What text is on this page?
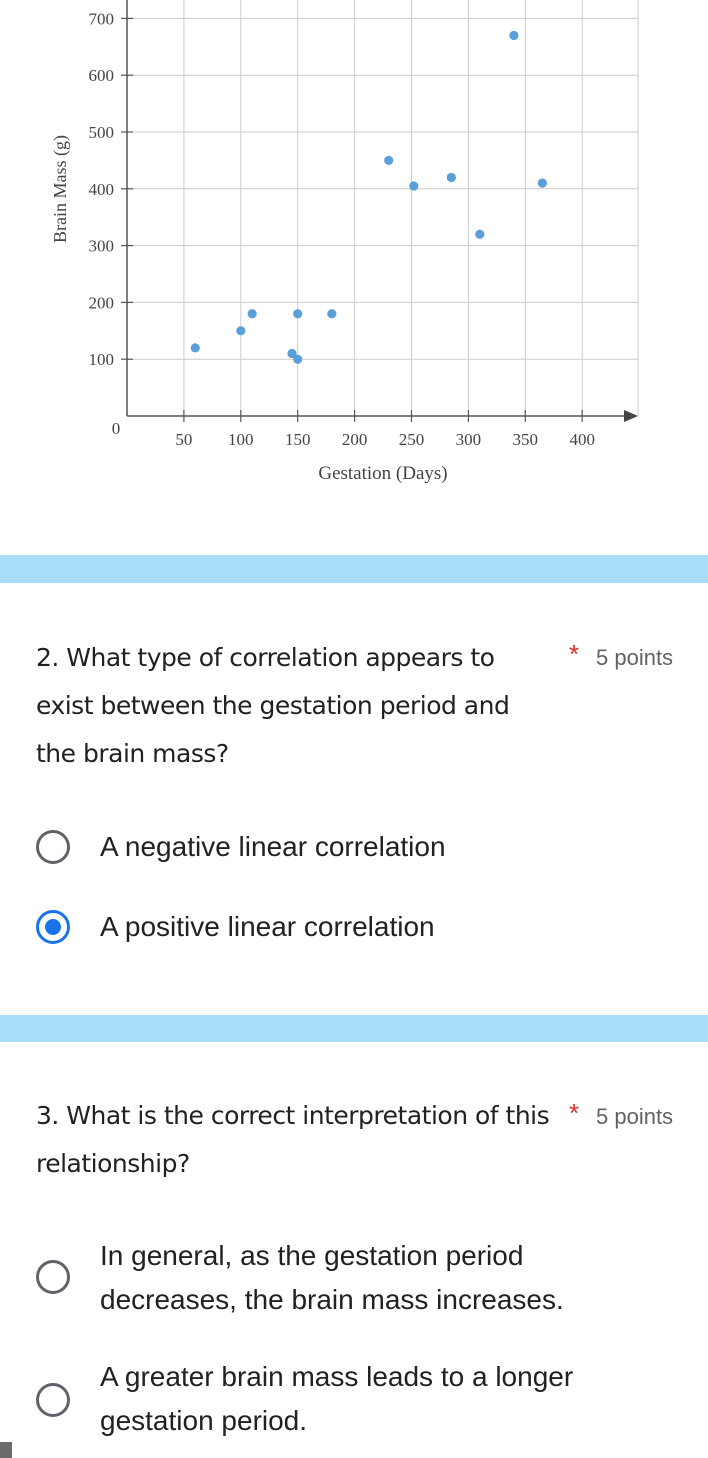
100
200
300
400
500
600
700
50 100 150 200 250 300 350 400
0
Gestation (Days)
Brain Mass (g)
2. What type of correlation appears to exist between the gestation period and the brain mass?
* 5 points
A negative linear correlation
A positive linear correlation
3. What is the correct interpretation of this relationship?
* 5 points
In general, as the gestation period decreases, the brain mass increases.
A greater brain mass leads to a longer gestation period.
